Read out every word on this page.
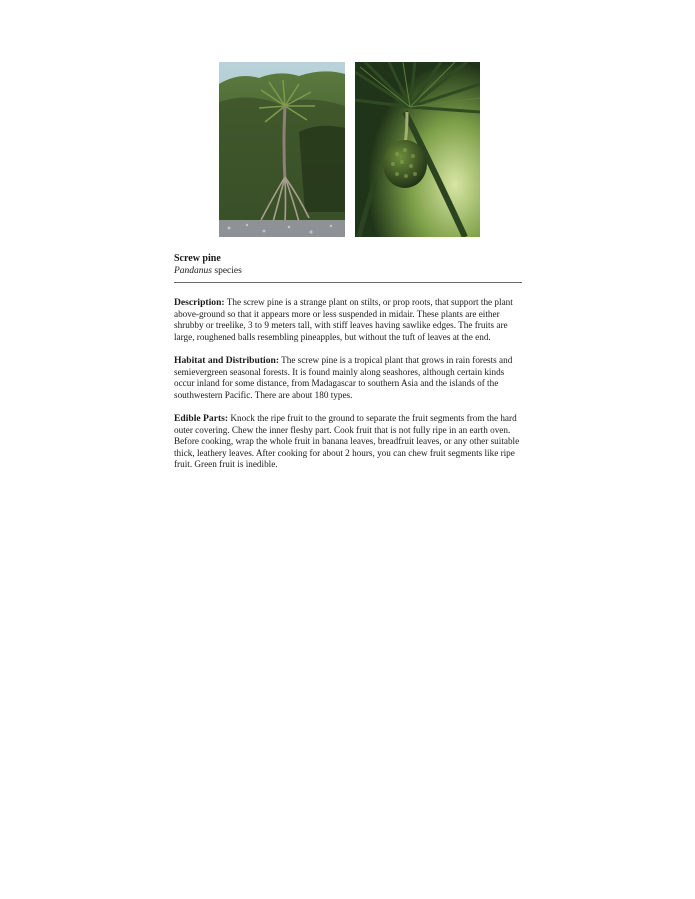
Screw pine
Pandanus species

Description: The screw pine is a strange plant on stilts, or prop roots, that support the plant above-ground so that it appears more or less suspended in midair. These plants are either shrubby or treelike, 3 to 9 meters tall, with stiff leaves having sawlike edges. The fruits are large, roughened balls resembling pineapples, but without the tuft of leaves at the end.

Habitat and Distribution: The screw pine is a tropical plant that grows in rain forests and semievergreen seasonal forests. It is found mainly along seashores, although certain kinds occur inland for some distance, from Madagascar to southern Asia and the islands of the southwestern Pacific. There are about 180 types.

Edible Parts: Knock the ripe fruit to the ground to separate the fruit segments from the hard outer covering. Chew the inner fleshy part. Cook fruit that is not fully ripe in an earth oven. Before cooking, wrap the whole fruit in banana leaves, breadfruit leaves, or any other suitable thick, leathery leaves. After cooking for about 2 hours, you can chew fruit segments like ripe fruit. Green fruit is inedible.
